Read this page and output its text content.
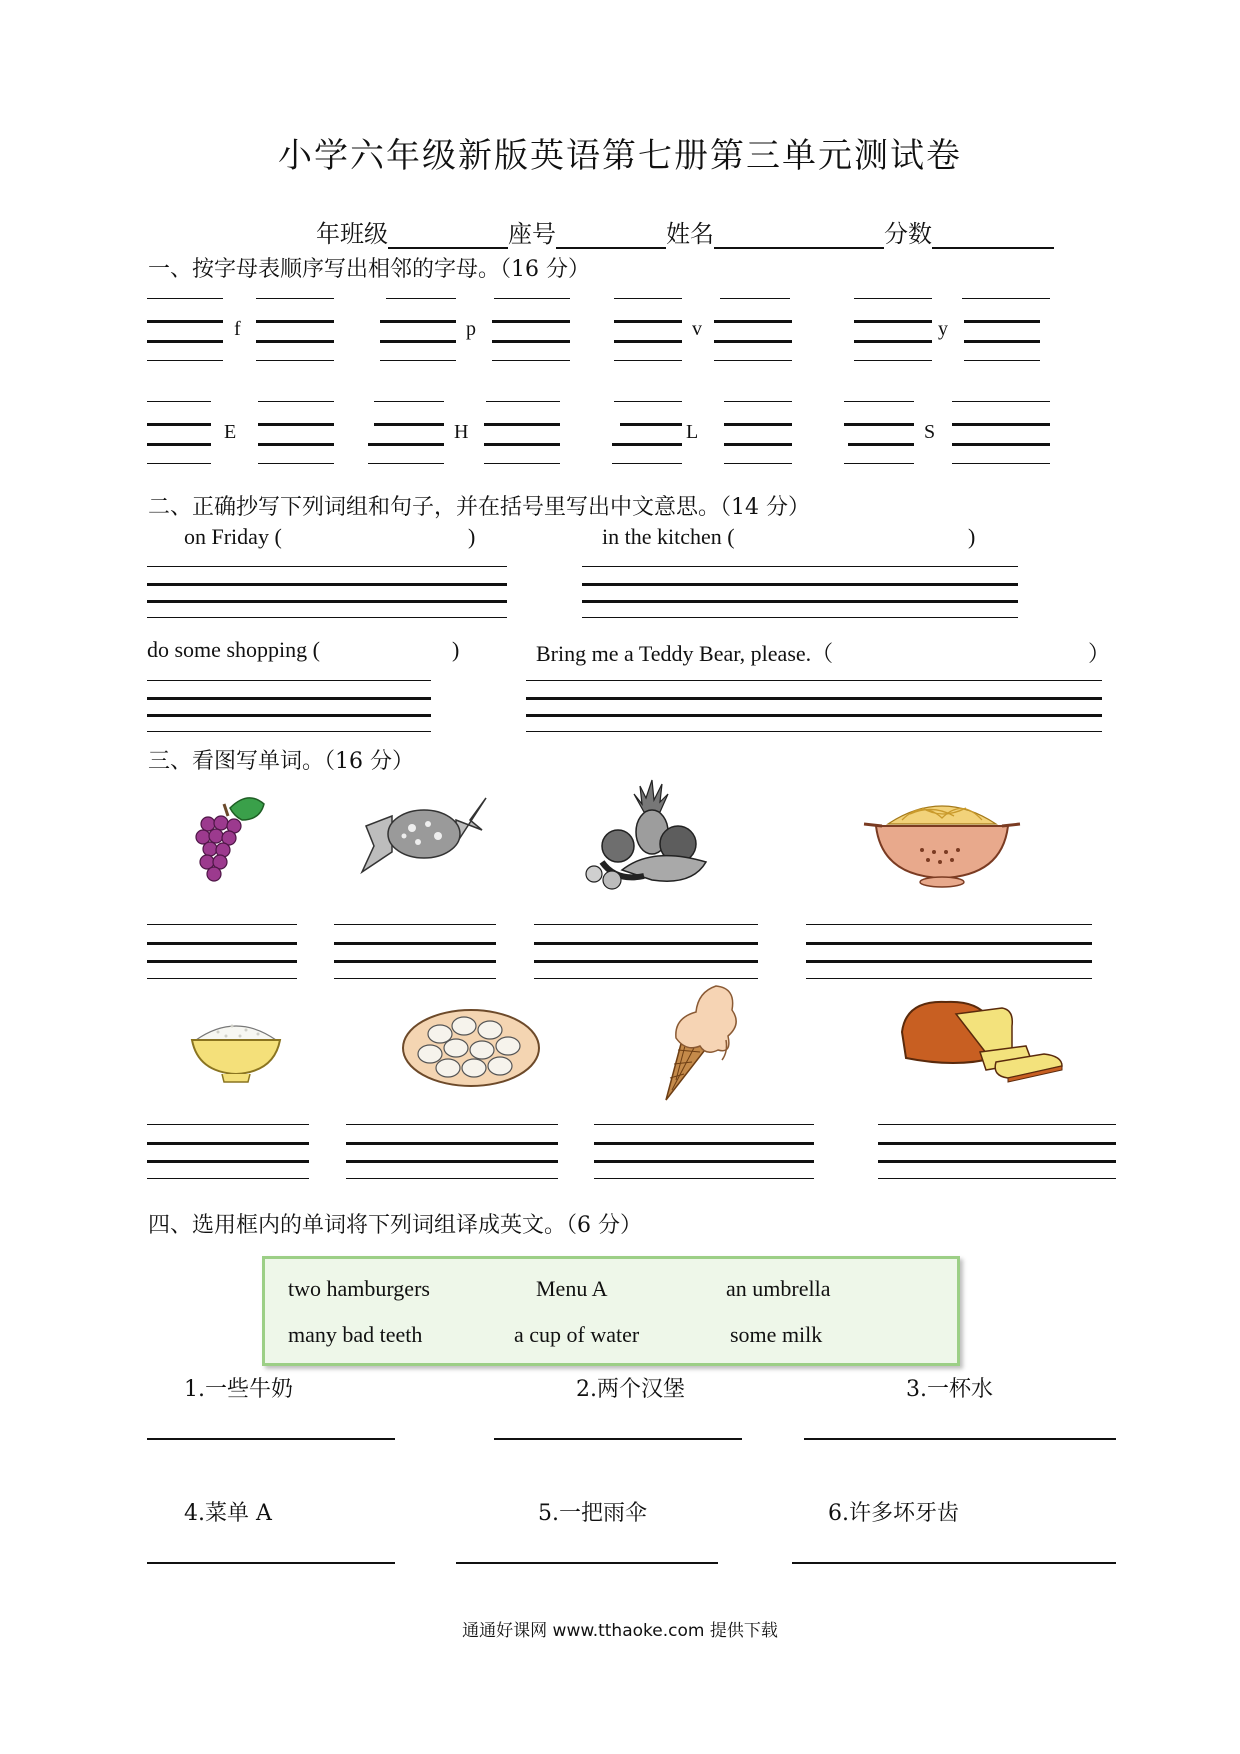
小学六年级新版英语第七册第三单元测试卷
年班级	座号	姓名	分数
一、按字母表顺序写出相邻的字母。（16 分）
f	p	v	y
E	H	L	S
二、正确抄写下列词组和句子，并在括号里写出中文意思。（14 分）
on Friday (	)	in the kitchen (	)
do some shopping (	)	Bring me a Teddy Bear, please.（	）
三、看图写单词。（16 分）
四、选用框内的单词将下列词组译成英文。（6 分）
two hamburgers	Menu A	an umbrella
many bad teeth	a cup of water	some milk
1.一些牛奶	2.两个汉堡	3.一杯水
4.菜单 A	5.一把雨伞	6.许多坏牙齿
通通好课网 www.tthaoke.com 提供下载
